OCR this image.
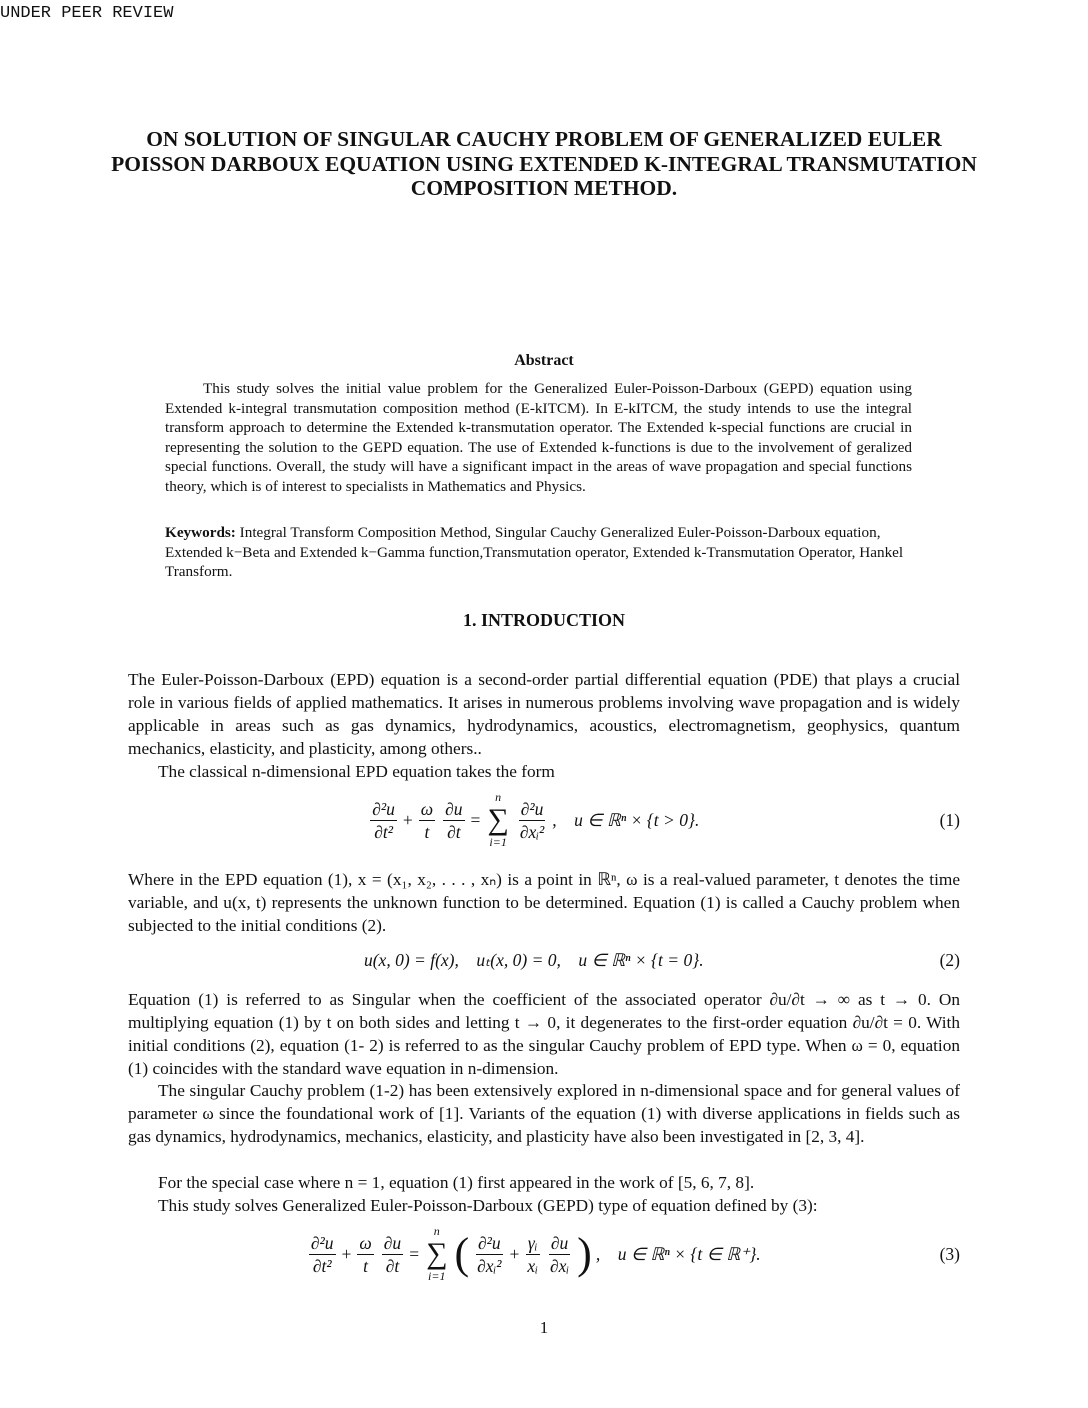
UNDER PEER REVIEW
ON SOLUTION OF SINGULAR CAUCHY PROBLEM OF GENERALIZED EULER POISSON DARBOUX EQUATION USING EXTENDED K-INTEGRAL TRANSMUTATION COMPOSITION METHOD.
Abstract
This study solves the initial value problem for the Generalized Euler-Poisson-Darboux (GEPD) equation using Extended k-integral transmutation composition method (E-kITCM). In E-kITCM, the study intends to use the integral transform approach to determine the Extended k-transmutation operator. The Extended k-special functions are crucial in representing the solution to the GEPD equation. The use of Extended k-functions is due to the involvement of geralized special functions. Overall, the study will have a significant impact in the areas of wave propagation and special functions theory, which is of interest to specialists in Mathematics and Physics.
Keywords: Integral Transform Composition Method, Singular Cauchy Generalized Euler-Poisson-Darboux equation, Extended k−Beta and Extended k−Gamma function,Transmutation operator, Extended k-Transmutation Operator, Hankel Transform.
1. INTRODUCTION
The Euler-Poisson-Darboux (EPD) equation is a second-order partial differential equation (PDE) that plays a crucial role in various fields of applied mathematics. It arises in numerous problems involving wave propagation and is widely applicable in areas such as gas dynamics, hydrodynamics, acoustics, electromagnetism, geophysics, quantum mechanics, elasticity, and plasticity, among others..
The classical n-dimensional EPD equation takes the form
$\frac{\text{∂²u}}{\text{∂t²}} + \frac{\omega}{t} \frac{\partial u}{\partial t}$ =
n
∑
$i=1 \frac{\text{∂²u}}{\text{∂xᵢ²}}$ ,    u ∈ ℝⁿ × {t > 0}.	(1)
Where in the EPD equation (1), x = (x₁, x₂, . . . , xₙ) is a point in ℝⁿ, ω is a real-valued parameter, t denotes the time variable, and u(x, t) represents the unknown function to be determined. Equation (1) is called a Cauchy problem when subjected to the initial conditions (2).
u(x, 0) = f(x),    uₜ(x, 0) = 0,    u ∈ ℝⁿ × {t = 0}.	(2)
Equation (1) is referred to as Singular when the coefficient of the associated operator ∂u/∂t → ∞ as t → 0. On multiplying equation (1) by t on both sides and letting t → 0, it degenerates to the first-order equation ∂u/∂t = 0. With initial conditions (2), equation (1- 2) is referred to as the singular Cauchy problem of EPD type. When ω = 0, equation (1) coincides with the standard wave equation in n-dimension.
The singular Cauchy problem (1-2) has been extensively explored in n-dimensional space and for general values of parameter ω since the foundational work of [1]. Variants of the equation (1) with diverse applications in fields such as gas dynamics, hydrodynamics, mechanics, elasticity, and plasticity have also been investigated in [2, 3, 4].
For the special case where n = 1, equation (1) first appeared in the work of [5, 6, 7, 8].
This study solves Generalized Euler-Poisson-Darboux (GEPD) type of equation defined by (3):
$\frac{\text{∂²u}}{\text{∂t²}} + \frac{\omega}{t} \frac{\partial u}{\partial t}$ =
n
∑
i=1 ( $\frac{\text{∂²u}}{\text{∂xᵢ²}} + \frac{\text{γᵢ}}{\text{xᵢ}} \frac{\partial u}{\text{∂xᵢ}}$ ) ,    u ∈ ℝⁿ × {t ∈ ℝ⁺}.	(3)
1
